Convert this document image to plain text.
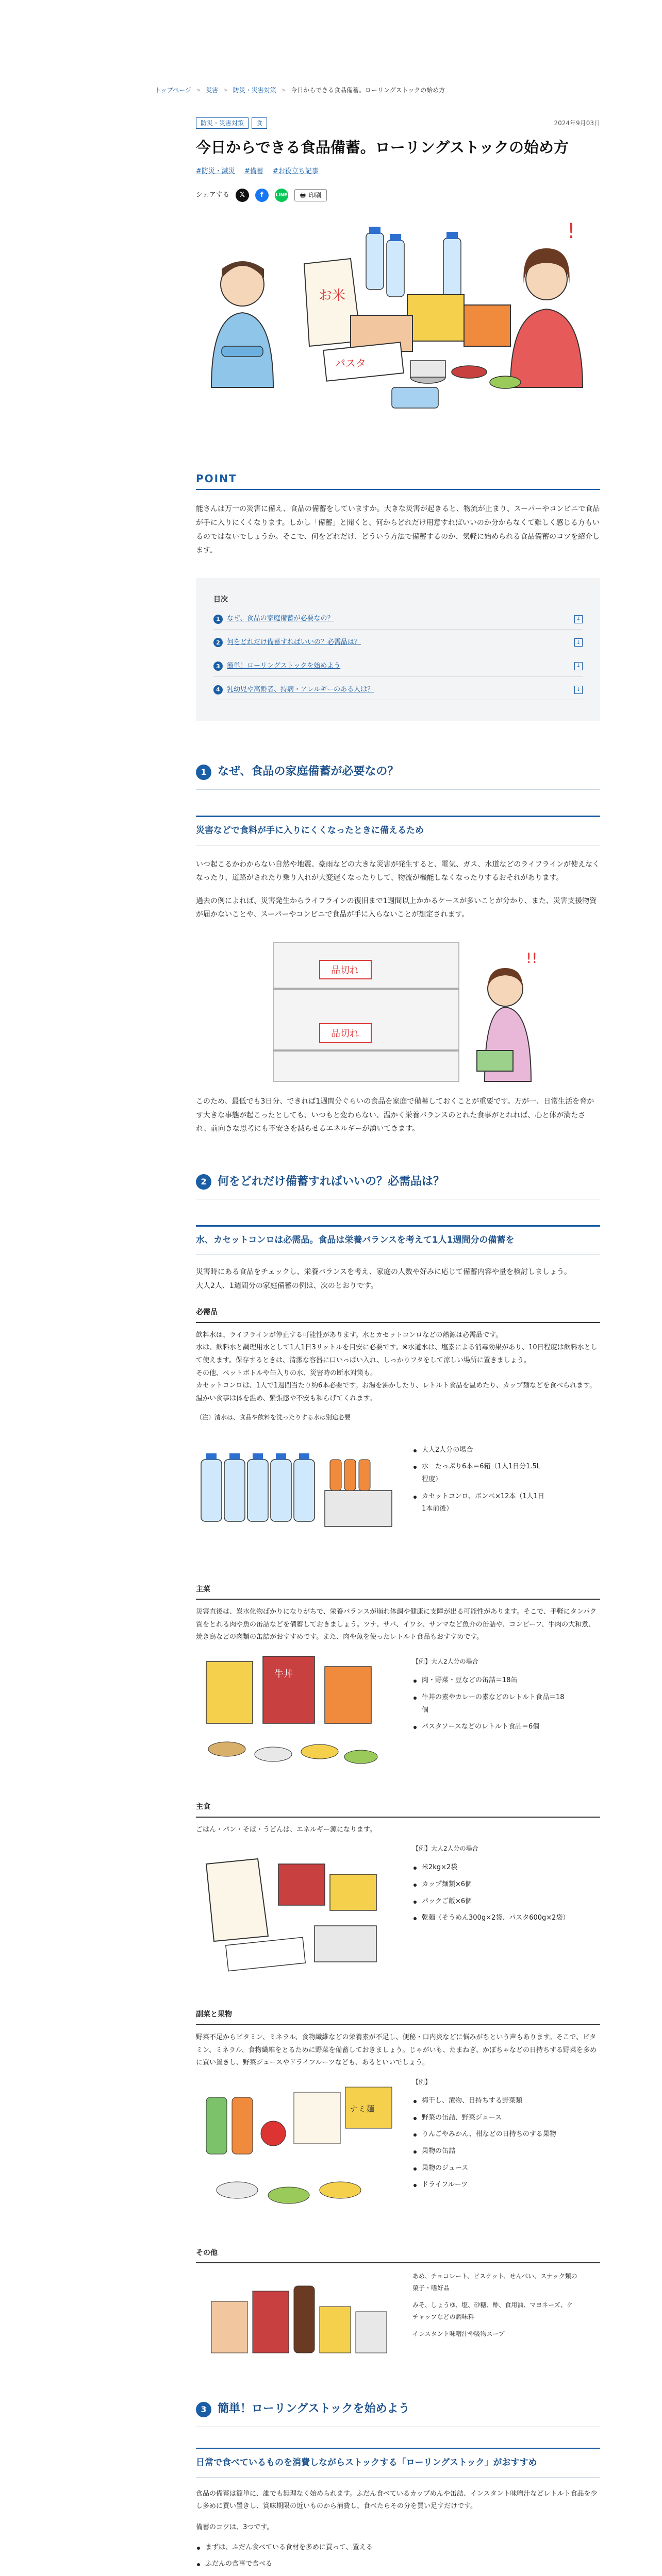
トップページ > 災害 > 防災・災害対策 > 今日からできる食品備蓄。ローリングストックの始め方
防災・災害対策	食	2024年9月03日
今日からできる食品備蓄。ローリングストックの始め方
#防災・減災 #備蓄 #お役立ち記事
シェアする	𝕏	f	LINE 🖶 印刷
!
お米
パスタ
POINT

能さんは万一の災害に備え、食品の備蓄をしていますか。大きな災害が起きると、物流が止まり、スーパーやコンビニで食品が手に入りにくくなります。しかし「備蓄」と聞くと、何からどれだけ用意すればいいのか分からなくて難しく感じる方もいるのではないでしょうか。そこで、何をどれだけ、どういう方法で備蓄するのか、気軽に始められる食品備蓄のコツを紹介します。

目次
1	なぜ、食品の家庭備蓄が必要なの？	↓
2	何をどれだけ備蓄すればいいの？必需品は？	↓
3	簡単！ローリングストックを始めよう	↓
4	乳幼児や高齢者、持病・アレルギーのある人は？	↓
1 なぜ、食品の家庭備蓄が必要なの？
災害などで食料が手に入りにくくなったときに備えるため

いつ起こるかわからない自然や地震、豪雨などの大きな災害が発生すると、電気、ガス、水道などのライフラインが使えなくなったり、道路がされたり乗り入れが大変遅くなったりして、物流が機能しなくなったりするおそれがあります。

過去の例によれば、災害発生からライフラインの復旧まで1週間以上かかるケースが多いことが分かり、また、災害支援物資が届かないことや、スーパーやコンビニで食品が手に入らないことが想定されます。

品切れ
品切れ
!!

このため、最低でも3日分、できれば1週間分ぐらいの食品を家庭で備蓄しておくことが重要です。万が一、日常生活を脅かす大きな事態が起こったとしても、いつもと変わらない、温かく栄養バランスのとれた食事がとれれば、心と体が満たされ、前向きな思考にも不安さを減らせるエネルギーが湧いてきます。

2 何をどれだけ備蓄すればいいの？必需品は？
水、カセットコンロは必需品。食品は栄養バランスを考えて1人1週間分の備蓄を

災害時にある食品をチェックし、栄養バランスを考え、家庭の人数や好みに応じて備蓄内容や量を検討しましょう。

大人2人、1週間分の家庭備蓄の例は、次のとおりです。

必需品

飲料水は、ライフラインが停止する可能性があります。水とカセットコンロなどの熱源は必需品です。
水は、飲料水と調理用水として1人1日3リットルを目安に必要です。※水道水は、塩素による消毒効果があり、10日程度は飲料水として使えます。保存するときは、清潔な容器に口いっぱい入れ、しっかりフタをして涼しい場所に置きましょう。
その他、ペットボトルや缶入りの水、災害時の断水対策も。
カセットコンロは、1人で1週間当たり約6本必要です。お湯を沸かしたり、レトルト食品を温めたり、カップ麺などを食べられます。温かい食事は体を温め、緊張感や不安も和らげてくれます。

（注）清水は、食品や飲料を洗ったりする水は別途必要

大人2人分の場合
水　たっぷり6本＝6箱（1人1日分1.5L程度）
カセットコンロ、ボンベ×12本（1人1日1本前後）
主菜

災害直後は、炭水化物ばかりになりがちで、栄養バランスが崩れ体調や健康に支障が出る可能性があります。そこで、手軽にタンパク質をとれる肉や魚の缶詰などを備蓄しておきましょう。ツナ、サバ、イワシ、サンマなど魚介の缶詰や、コンビーフ、牛肉の大和煮、焼き鳥などの肉類の缶詰がおすすめです。また、肉や魚を使ったレトルト食品もおすすめです。

牛丼
【例】大人2人分の場合
肉・野菜・豆などの缶詰＝18缶
牛丼の素やカレーの素などのレトルト食品＝18個
パスタソースなどのレトルト食品＝6個
主食

ごはん・パン・そば・うどんは、エネルギー源になります。

【例】大人2人分の場合
米2kg×2袋
カップ麺類×6個
パックご飯×6個
乾麺（そうめん300g×2袋、パスタ600g×2袋）
副菜と果物

野菜不足からビタミン、ミネラル、食物繊維などの栄養素が不足し、便秘・口内炎などに悩みがちという声もあります。そこで、ビタミン、ミネラル、食物繊維をとるために野菜を備蓄しておきましょう。じゃがいも、たまねぎ、かぼちゃなどの日持ちする野菜を多めに買い置きし、野菜ジュースやドライフルーツなども、あるといいでしょう。

ナミ麺
【例】
梅干し、漬物、日持ちする野菜類
野菜の缶詰、野菜ジュース
りんごやみかん、柑などの日持ちのする果物
果物の缶詰
果物のジュース
ドライフルーツ
その他

あめ、チョコレート、ビスケット、せんべい、スナック類の菓子・嗜好品

みそ、しょうゆ、塩、砂糖、酢、食用油、マヨネーズ、ケチャップなどの調味料

インスタント味噌汁や吸物スープ

3 簡単！ローリングストックを始めよう
日常で食べているものを消費しながらストックする「ローリングストック」がおすすめ

食品の備蓄は簡単に、誰でも無理なく始められます。ふだん食べているカップめんや缶詰、インスタント味噌汁などレトルト食品を少し多めに買い置きし、賞味期限の近いものから消費し、食べたらその分を買い足すだけです。

備蓄のコツは、3つです。

まずは、ふだん食べている食材を多めに買って、置える
ふだんの食事で食べる
